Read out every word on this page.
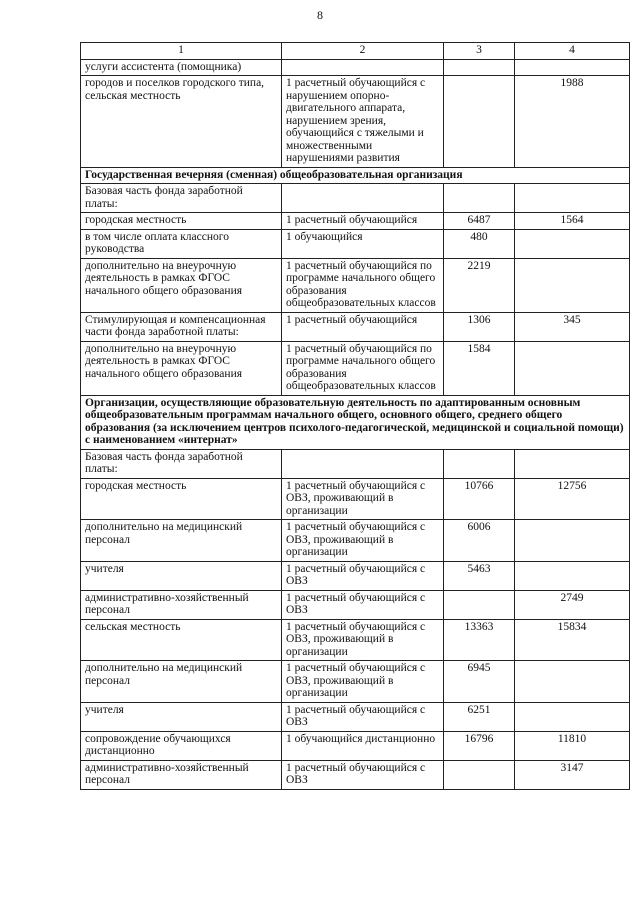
8
1	2	3	4
услуги ассистента (помощника)			
городов и поселков городского типа, сельская местность	1 расчетный обучающийся с нарушением опорно-двигательного аппарата, нарушением зрения, обучающийся с тяжелыми и множественными нарушениями развития		1988
Государственная вечерняя (сменная) общеобразовательная организация			
Базовая часть фонда заработной платы:			
городская местность	1 расчетный обучающийся	6487	1564
в том числе оплата классного руководства	1 обучающийся	480	
дополнительно на внеурочную деятельность в рамках ФГОС начального общего образования	1 расчетный обучающийся по программе начального общего образования общеобразовательных классов	2219	
Стимулирующая и компенсационная части фонда заработной платы:	1 расчетный обучающийся	1306	345
дополнительно на внеурочную деятельность в рамках ФГОС начального общего образования	1 расчетный обучающийся по программе начального общего образования общеобразовательных классов	1584	
Организации, осуществляющие образовательную деятельность по адаптированным основным общеобразовательным программам начального общего, основного общего, среднего общего образования (за исключением центров психолого-педагогической, медицинской и социальной помощи) с наименованием «интернат»			
Базовая часть фонда заработной платы:			
городская местность	1 расчетный обучающийся с ОВЗ, проживающий в организации	10766	12756
дополнительно на медицинский персонал	1 расчетный обучающийся с ОВЗ, проживающий в организации	6006	
учителя	1 расчетный обучающийся с ОВЗ	5463	
административно-хозяйственный персонал	1 расчетный обучающийся с ОВЗ		2749
сельская местность	1 расчетный обучающийся с ОВЗ, проживающий в организации	13363	15834
дополнительно на медицинский персонал	1 расчетный обучающийся с ОВЗ, проживающий в организации	6945	
учителя	1 расчетный обучающийся с ОВЗ	6251	
сопровождение обучающихся дистанционно	1 обучающийся дистанционно	16796	11810
административно-хозяйственный персонал	1 расчетный обучающийся с ОВЗ		3147
